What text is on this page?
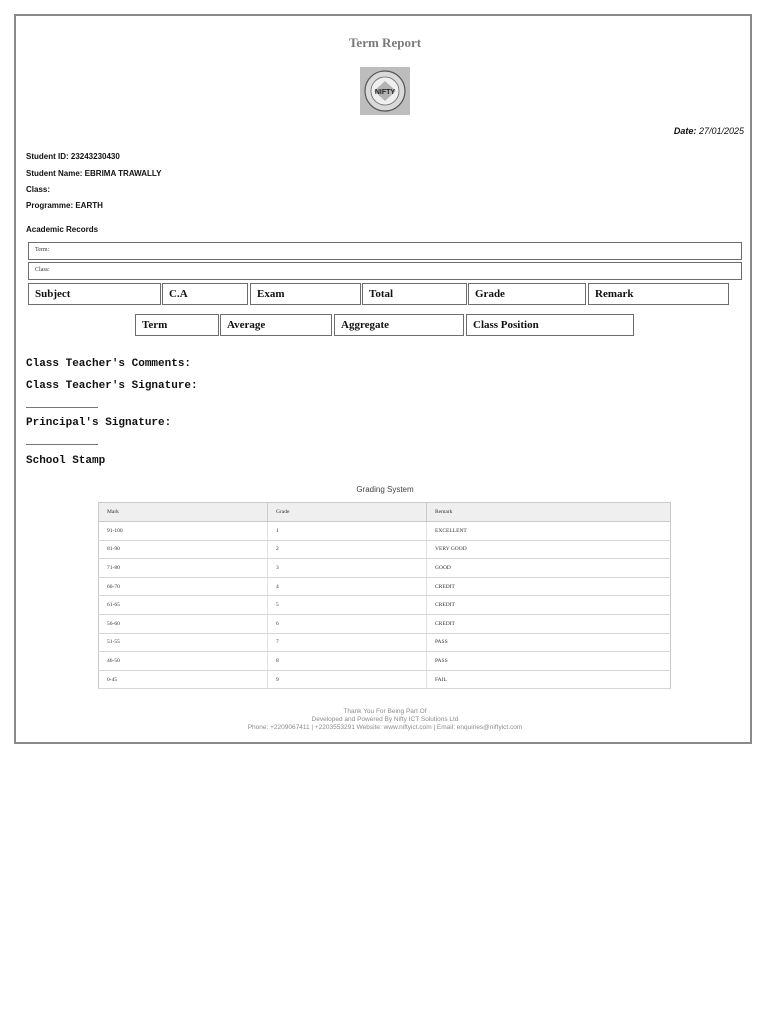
Term Report
NIFTY
Date: 27/01/2025
Student ID: 23243230430
Student Name: EBRIMA TRAWALLY
Class:
Programme: EARTH
Academic Records
Term:
Class:
Subject	C.A	Exam	Total	Grade	Remark
Term	Average	Aggregate	Class Position
Class Teacher's Comments:
Class Teacher's Signature:
Principal's Signature:
School Stamp
Grading System
Mark	Grade	Remark
91-100	1	EXCELLENT
81-90	2	VERY GOOD
71-80	3	GOOD
66-70	4	CREDIT
61-65	5	CREDIT
56-60	6	CREDIT
51-55	7	PASS
46-50	8	PASS
0-45	9	FAIL
Thank You For Being Part Of
Developed and Powered By Nifty ICT Solutions Ltd
Phone: +2209067411 | +2203553291 Website: www.niftyict.com | Email: enquiries@niftyict.com
